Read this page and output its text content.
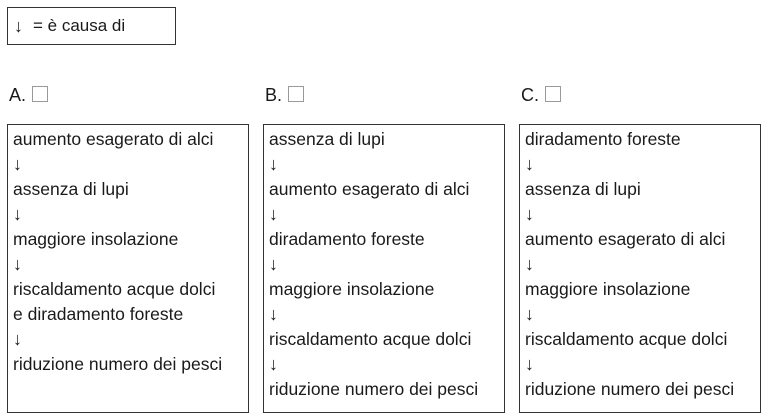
↓ = è causa di
A.	B.	C.
aumento esagerato di alci
↓
assenza di lupi
↓
maggiore insolazione
↓
riscaldamento acque dolci
e diradamento foreste
↓
riduzione numero dei pesci
assenza di lupi
↓
aumento esagerato di alci
↓
diradamento foreste
↓
maggiore insolazione
↓
riscaldamento acque dolci
↓
riduzione numero dei pesci
diradamento foreste
↓
assenza di lupi
↓
aumento esagerato di alci
↓
maggiore insolazione
↓
riscaldamento acque dolci
↓
riduzione numero dei pesci
